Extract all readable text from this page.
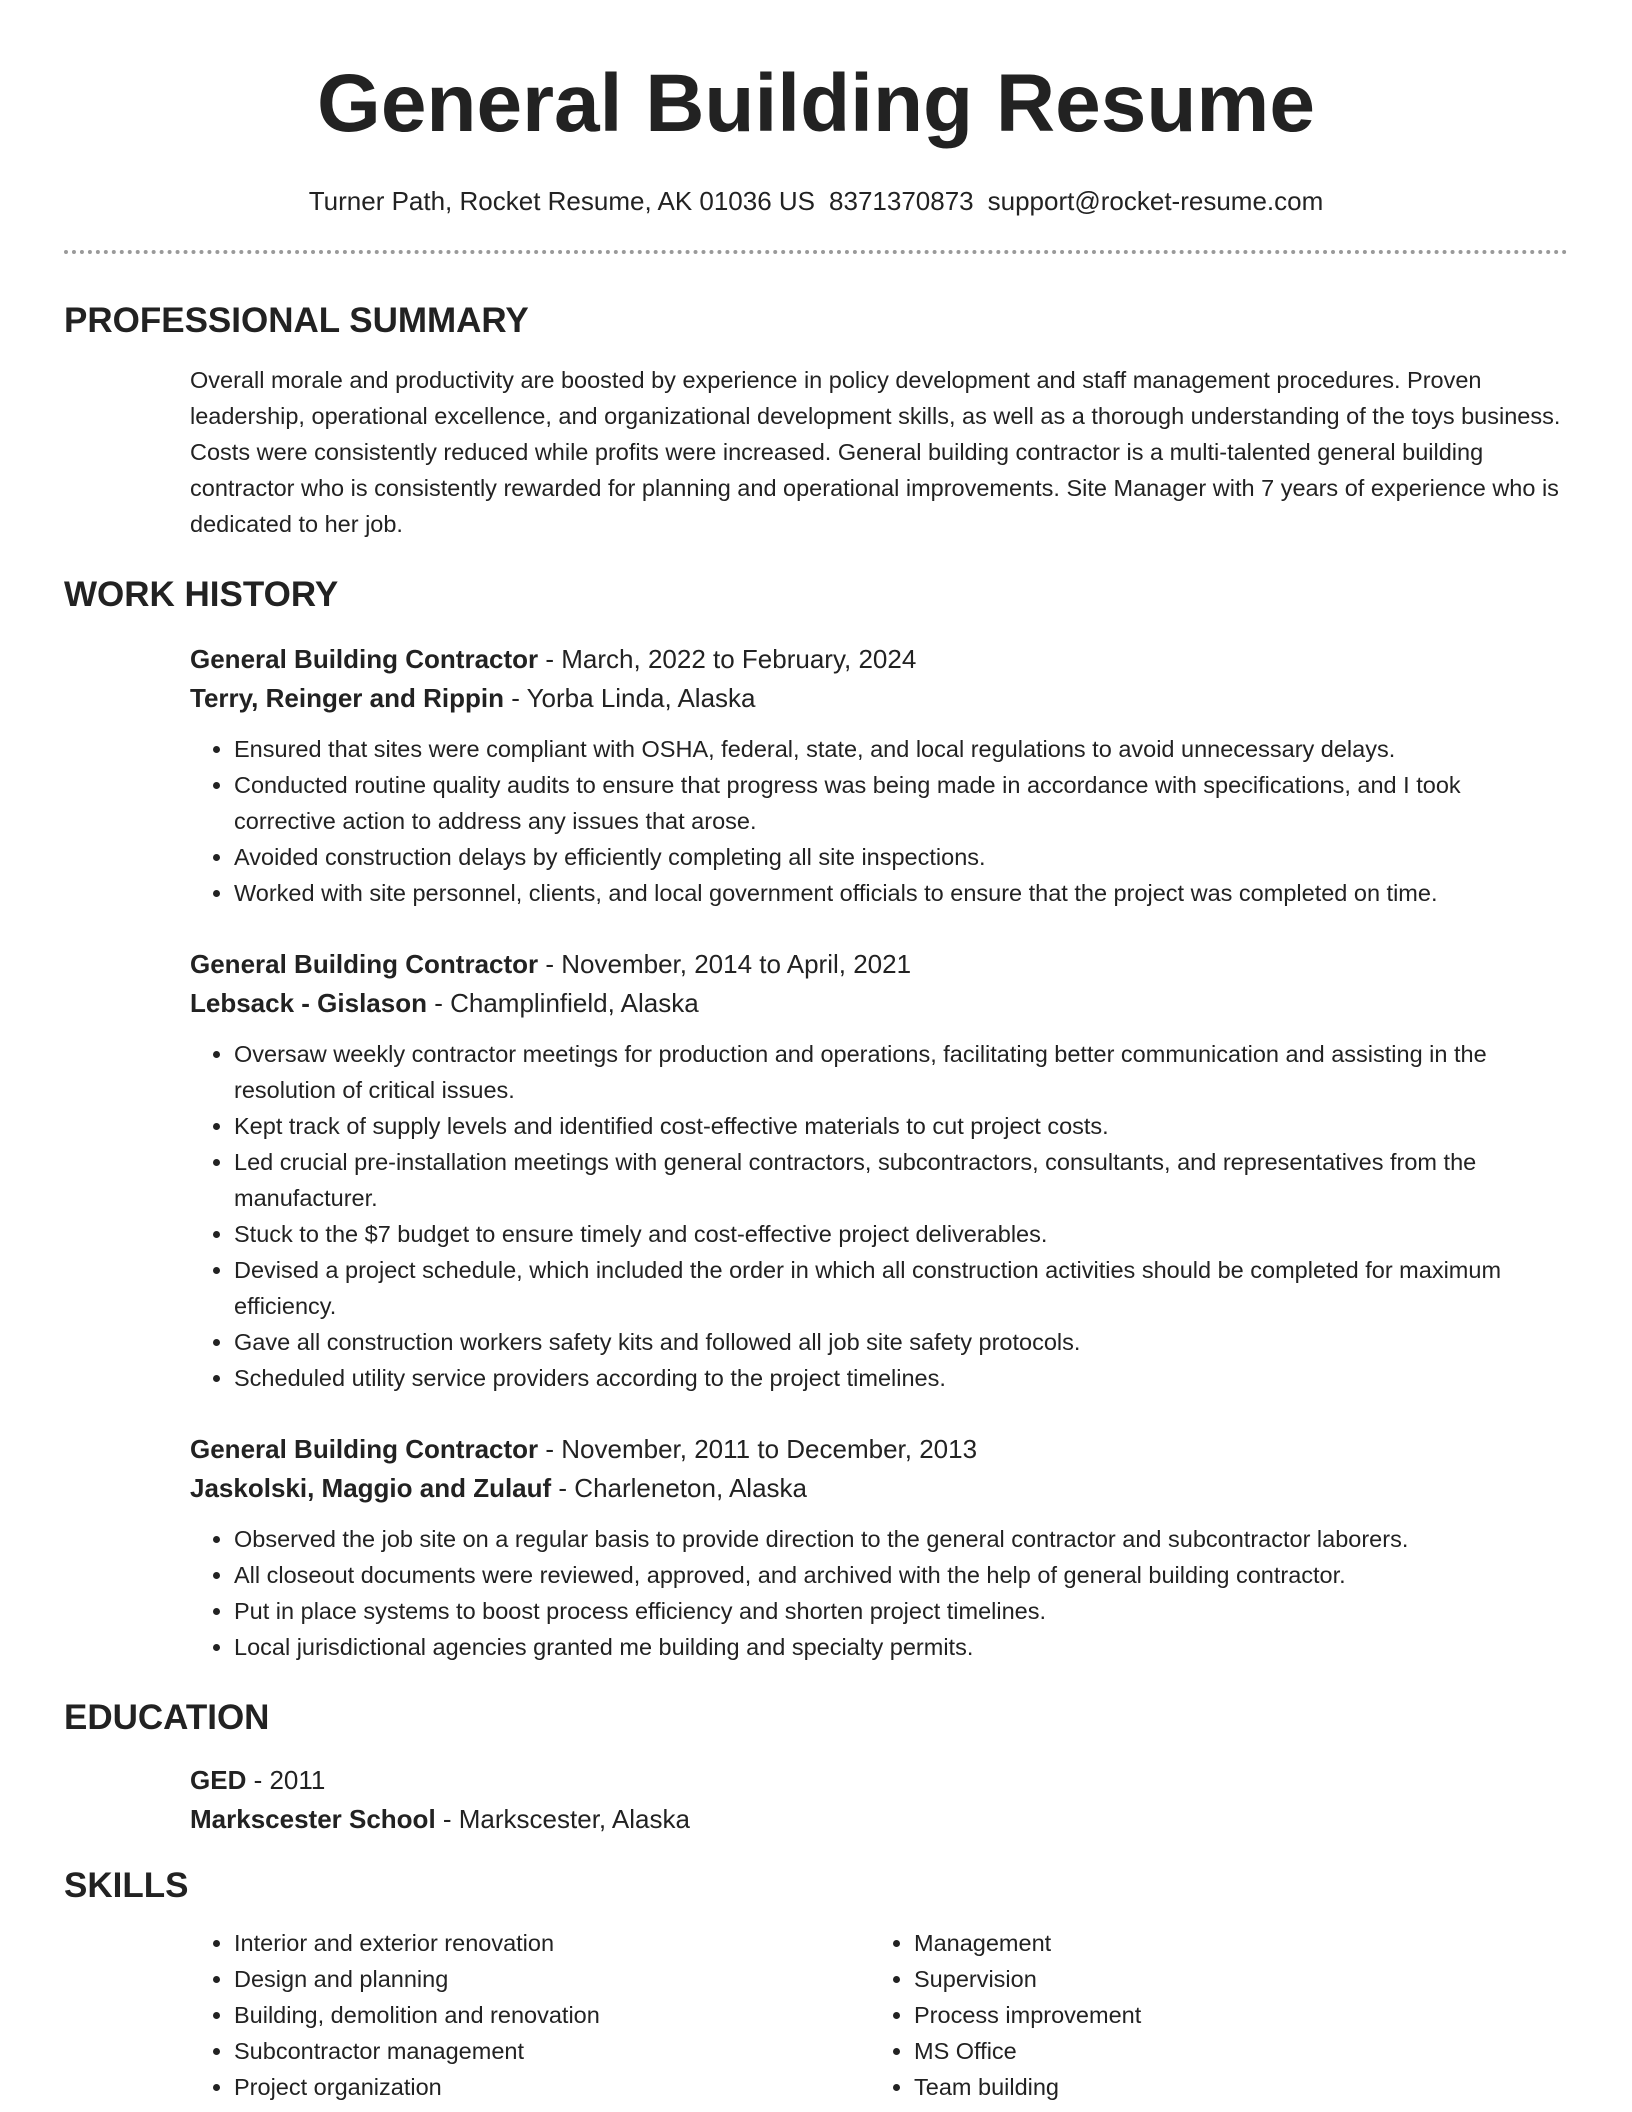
General Building Resume
Turner Path, Rocket Resume, AK 01036 US 8371370873 support@rocket-resume.com
PROFESSIONAL SUMMARY
Overall morale and productivity are boosted by experience in policy development and staff management procedures. Proven leadership, operational excellence, and organizational development skills, as well as a thorough understanding of the toys business. Costs were consistently reduced while profits were increased. General building contractor is a multi-talented general building contractor who is consistently rewarded for planning and operational improvements. Site Manager with 7 years of experience who is dedicated to her job.
WORK HISTORY
General Building Contractor - March, 2022 to February, 2024
Terry, Reinger and Rippin - Yorba Linda, Alaska
• Ensured that sites were compliant with OSHA, federal, state, and local regulations to avoid unnecessary delays.
• Conducted routine quality audits to ensure that progress was being made in accordance with specifications, and I took corrective action to address any issues that arose.
• Avoided construction delays by efficiently completing all site inspections.
• Worked with site personnel, clients, and local government officials to ensure that the project was completed on time.
General Building Contractor - November, 2014 to April, 2021
Lebsack - Gislason - Champlinfield, Alaska
• Oversaw weekly contractor meetings for production and operations, facilitating better communication and assisting in the resolution of critical issues.
• Kept track of supply levels and identified cost-effective materials to cut project costs.
• Led crucial pre-installation meetings with general contractors, subcontractors, consultants, and representatives from the manufacturer.
• Stuck to the $7 budget to ensure timely and cost-effective project deliverables.
• Devised a project schedule, which included the order in which all construction activities should be completed for maximum efficiency.
• Gave all construction workers safety kits and followed all job site safety protocols.
• Scheduled utility service providers according to the project timelines.
General Building Contractor - November, 2011 to December, 2013
Jaskolski, Maggio and Zulauf - Charleneton, Alaska
• Observed the job site on a regular basis to provide direction to the general contractor and subcontractor laborers.
• All closeout documents were reviewed, approved, and archived with the help of general building contractor.
• Put in place systems to boost process efficiency and shorten project timelines.
• Local jurisdictional agencies granted me building and specialty permits.
EDUCATION
GED - 2011
Markscester School - Markscester, Alaska
SKILLS
• Interior and exterior renovation
• Design and planning
• Building, demolition and renovation
• Subcontractor management
• Project organization
• Management
• Supervision
• Process improvement
• MS Office
• Team building
